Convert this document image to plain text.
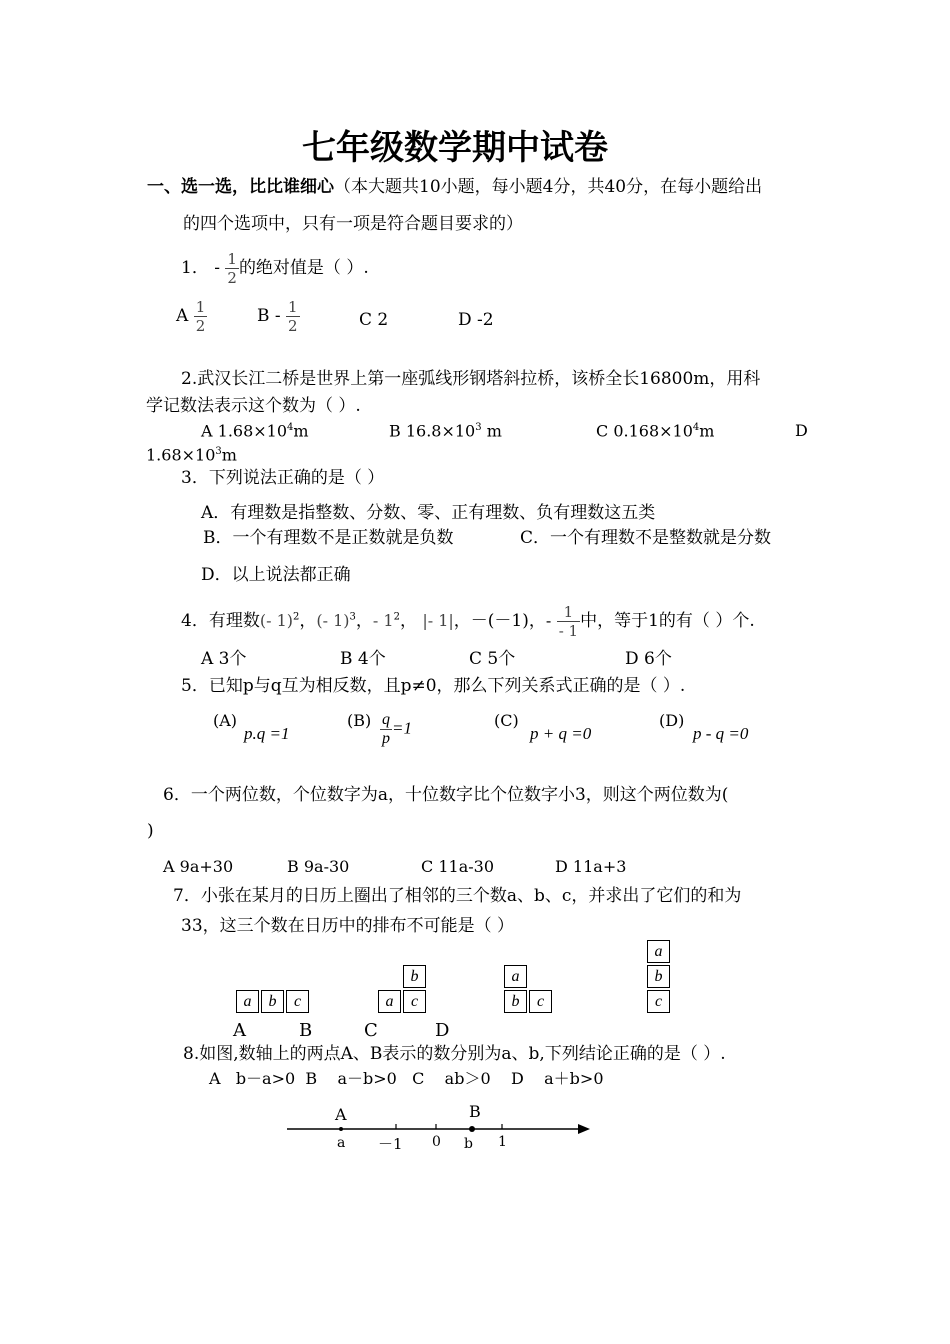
七年级数学期中试卷
一、选一选，比比谁细心（本大题共10小题，每小题4分，共40分，在每小题给出
的四个选项中，只有一项是符合题目要求的）
1． - $\frac{1}{2}$ 的绝对值是（ ）.
A $\frac{1}{2}$	B - $\frac{1}{2}$	C 2	D -2
2.武汉长江二桥是世界上第一座弧线形钢塔斜拉桥，该桥全长16800m，用科
学记数法表示这个数为（ ）.
A $1.68\times 10^4m$	B $16.8\times 10^3$ m	C $0.168\times 10^4m$	D
$1.68\times 10^3m$
3．下列说法正确的是（ ）
A．有理数是指整数、分数、零、正有理数、负有理数这五类
B．一个有理数不是正数就是负数	C．一个有理数不是整数就是分数
D．以上说法都正确
4．有理数(- 1)$^2$，(- 1)$^3$，- $1^2$， |- 1|，－(－1)，- $\frac{1}{- 1}$ 中，等于1的有（ ）个.
A 3个	B 4个	C 5个	D 6个
5．已知p与q互为相反数，且p≠0，那么下列关系式正确的是（ ）.
(A)
p.q =1
$(B) \frac{q}{p} =1$	(C)
p + q =0
(D)
p - q =0
6．一个两位数，个位数字为a，十位数字比个位数字小3，则这个两位数为(
)
A 9a+30	B 9a-30	C 11a-30	D 11a+3
7．小张在某月的日历上圈出了相邻的三个数a、b、c，并求出了它们的和为
33，这三个数在日历中的排布不可能是（ ）
a	b	c
b
a	c
a
b	c
a
b
c
A	B	C	D
8.如图,数轴上的两点A、B表示的数分别为a、b,下列结论正确的是（ ）.
A   b－a>0  B    a－b>0   C    ab＞0    D    a＋b>0
A	B
a －1 0 b 1
